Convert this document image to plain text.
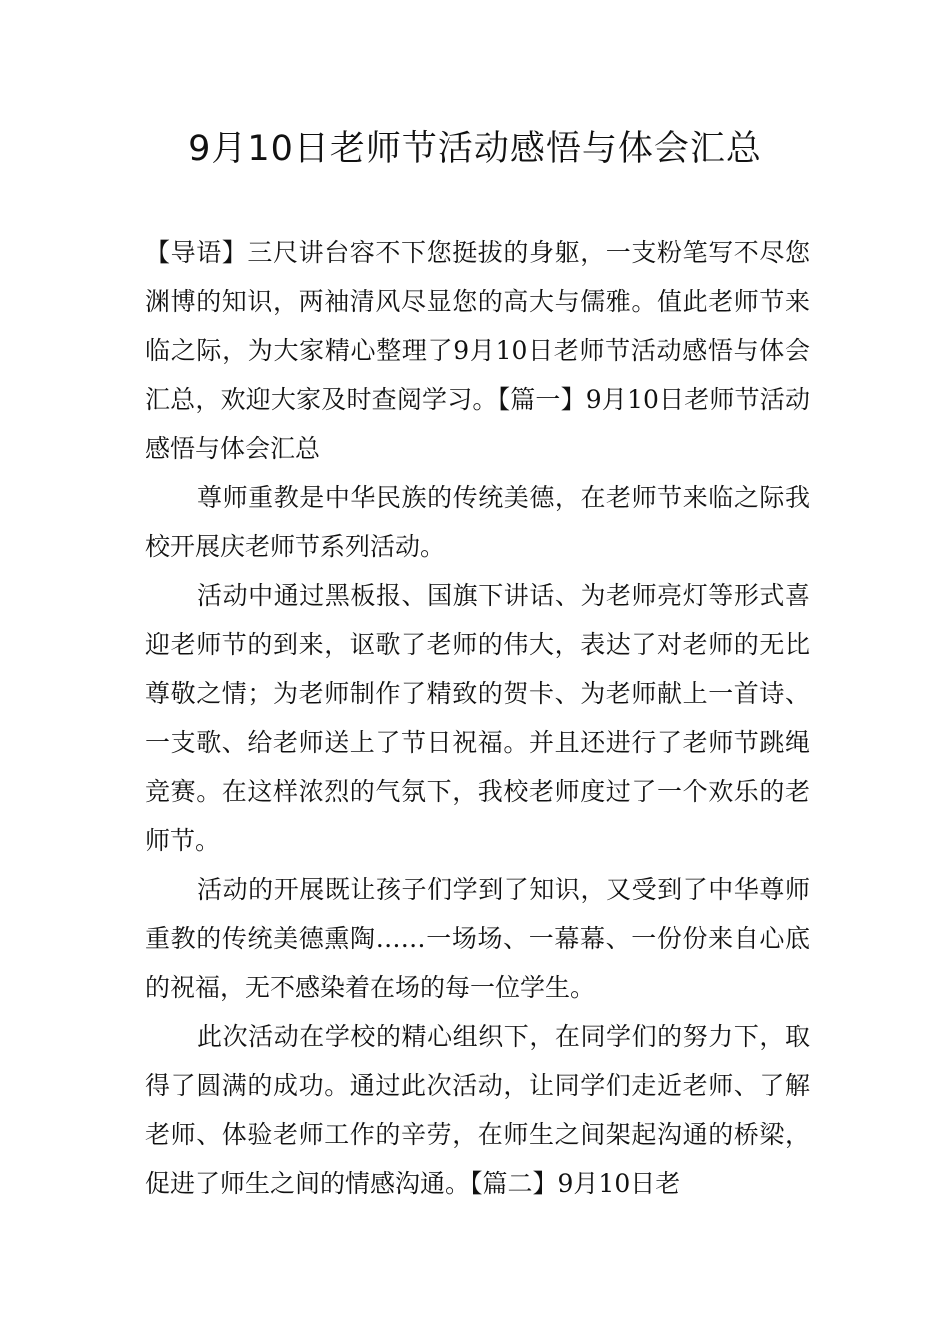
9月10日老师节活动感悟与体会汇总

【导语】三尺讲台容不下您挺拔的身躯，一支粉笔写不尽您渊博的知识，两袖清风尽显您的高大与儒雅。值此老师节来临之际，为大家精心整理了9月10日老师节活动感悟与体会汇总，欢迎大家及时查阅学习。【篇一】9月10日老师节活动感悟与体会汇总

尊师重教是中华民族的传统美德，在老师节来临之际我校开展庆老师节系列活动。

活动中通过黑板报、国旗下讲话、为老师亮灯等形式喜迎老师节的到来，讴歌了老师的伟大，表达了对老师的无比尊敬之情；为老师制作了精致的贺卡、为老师献上一首诗、一支歌、给老师送上了节日祝福。并且还进行了老师节跳绳竞赛。在这样浓烈的气氛下，我校老师度过了一个欢乐的老师节。

活动的开展既让孩子们学到了知识，又受到了中华尊师重教的传统美德熏陶……一场场、一幕幕、一份份来自心底的祝福，无不感染着在场的每一位学生。

此次活动在学校的精心组织下，在同学们的努力下，取得了圆满的成功。通过此次活动，让同学们走近老师、了解老师、体验老师工作的辛劳，在师生之间架起沟通的桥梁，促进了师生之间的情感沟通。【篇二】9月10日老
